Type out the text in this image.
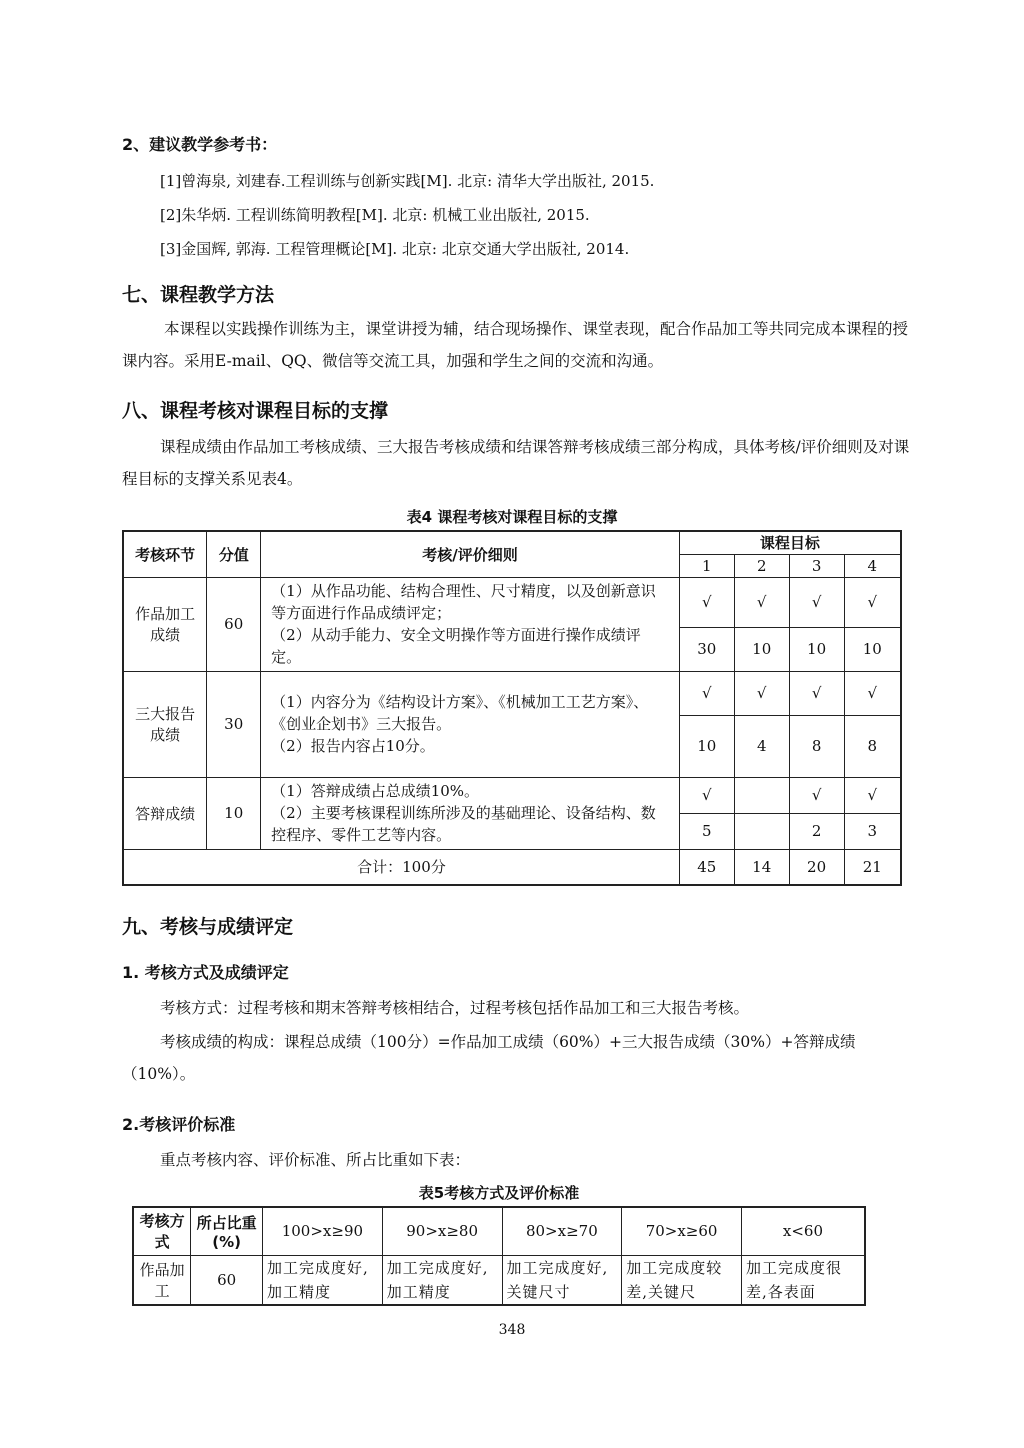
2、建议教学参考书：
[1]曾海泉, 刘建春.工程训练与创新实践[M]. 北京: 清华大学出版社, 2015.
[2]朱华炳. 工程训练简明教程[M]. 北京: 机械工业出版社, 2015.
[3]金国辉, 郭海. 工程管理概论[M]. 北京: 北京交通大学出版社, 2014.
七、课程教学方法
本课程以实践操作训练为主，课堂讲授为辅，结合现场操作、课堂表现，配合作品加工等共同完成本课程的授课内容。采用E-mail、QQ、微信等交流工具，加强和学生之间的交流和沟通。
八、课程考核对课程目标的支撑
课程成绩由作品加工考核成绩、三大报告考核成绩和结课答辩考核成绩三部分构成，具体考核/评价细则及对课程目标的支撑关系见表4。
表4 课程考核对课程目标的支撑
考核环节	分值	考核/评价细则	课程目标			
			1	2	3	4
作品加工成绩	60	（1）从作品功能、结构合理性、尺寸精度，以及创新意识等方面进行作品成绩评定；
（2）从动手能力、安全文明操作等方面进行操作成绩评定。	√	√	√	√
			30	10	10	10
三大报告成绩	30	（1）内容分为《结构设计方案》、《机械加工工艺方案》、《创业企划书》三大报告。
（2）报告内容占10分。	√	√	√	√
			10	4	8	8
答辩成绩	10	（1）答辩成绩占总成绩10%。
（2）主要考核课程训练所涉及的基础理论、设备结构、数控程序、零件工艺等内容。	√		√	√
			5		2	3
合计：100分			45	14	20	21
九、考核与成绩评定
1. 考核方式及成绩评定
考核方式：过程考核和期末答辩考核相结合，过程考核包括作品加工和三大报告考核。
考核成绩的构成：课程总成绩（100分）=作品加工成绩（60%）+三大报告成绩（30%）+答辩成绩（10%）。
2.考核评价标准
重点考核内容、评价标准、所占比重如下表：
表5考核方式及评价标准
考核方式	所占比重(%)	100>x≥90	90>x≥80	80>x≥70	70>x≥60	x<60
作品加工	60	加工完成度好,加工精度	加工完成度好,加工精度	加工完成度好,关键尺寸	加工完成度较差,关键尺	加工完成度很差,各表面
348
